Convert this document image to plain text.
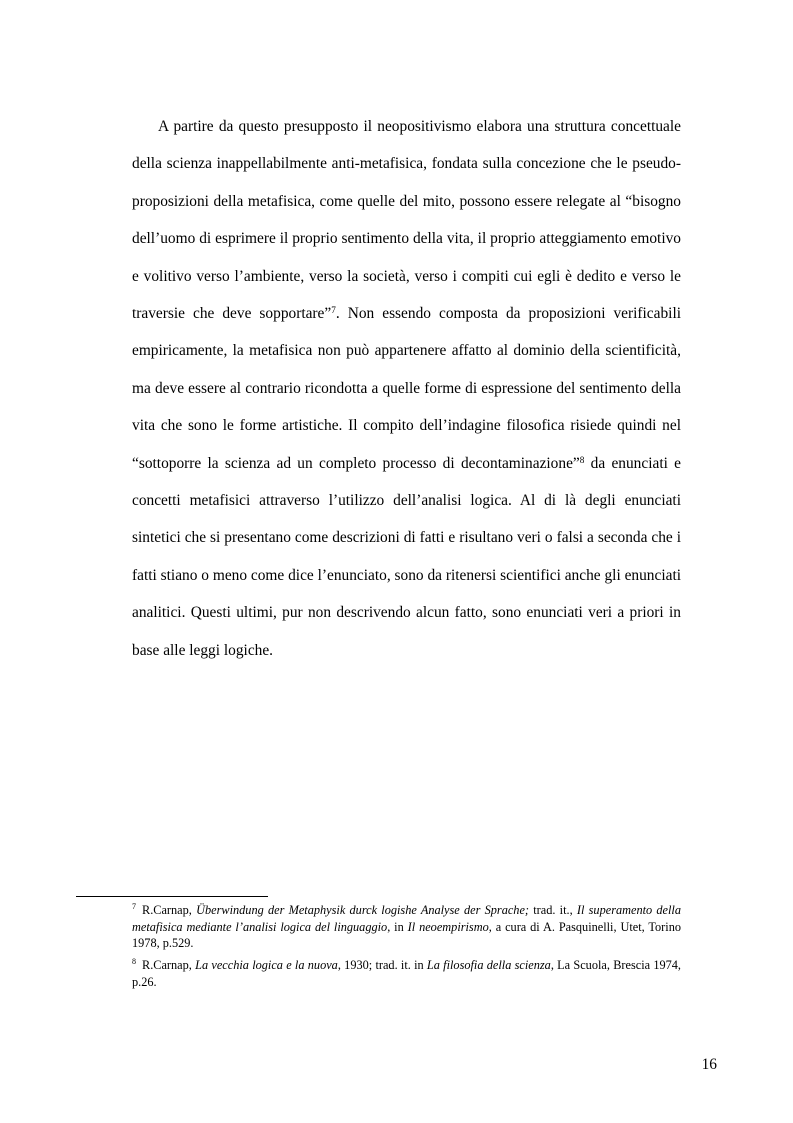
A partire da questo presupposto il neopositivismo elabora una struttura concettuale della scienza inappellabilmente anti-metafisica, fondata sulla concezione che le pseudo-proposizioni della metafisica, come quelle del mito, possono essere relegate al “bisogno dell’uomo di esprimere il proprio sentimento della vita, il proprio atteggiamento emotivo e volitivo verso l’ambiente, verso la società, verso i compiti cui egli è dedito e verso le traversie che deve sopportare”$^7$. Non essendo composta da proposizioni verificabili empiricamente, la metafisica non può appartenere affatto al dominio della scientificità, ma deve essere al contrario ricondotta a quelle forme di espressione del sentimento della vita che sono le forme artistiche. Il compito dell’indagine filosofica risiede quindi nel “sottoporre la scienza ad un completo processo di decontaminazione”$^8$ da enunciati e concetti metafisici attraverso l’utilizzo dell’analisi logica. Al di là degli enunciati sintetici che si presentano come descrizioni di fatti e risultano veri o falsi a seconda che i fatti stiano o meno come dice l’enunciato, sono da ritenersi scientifici anche gli enunciati analitici. Questi ultimi, pur non descrivendo alcun fatto, sono enunciati veri a priori in base alle leggi logiche.

$^7$ R.Carnap, Überwindung der Metaphysik durck logishe Analyse der Sprache; trad. it., Il superamento della metafisica mediante l’analisi logica del linguaggio, in Il neoempirismo, a cura di A. Pasquinelli, Utet, Torino 1978, p.529.

$^8$ R.Carnap, La vecchia logica e la nuova, 1930; trad. it. in La filosofia della scienza, La Scuola, Brescia 1974, p.26.

16
